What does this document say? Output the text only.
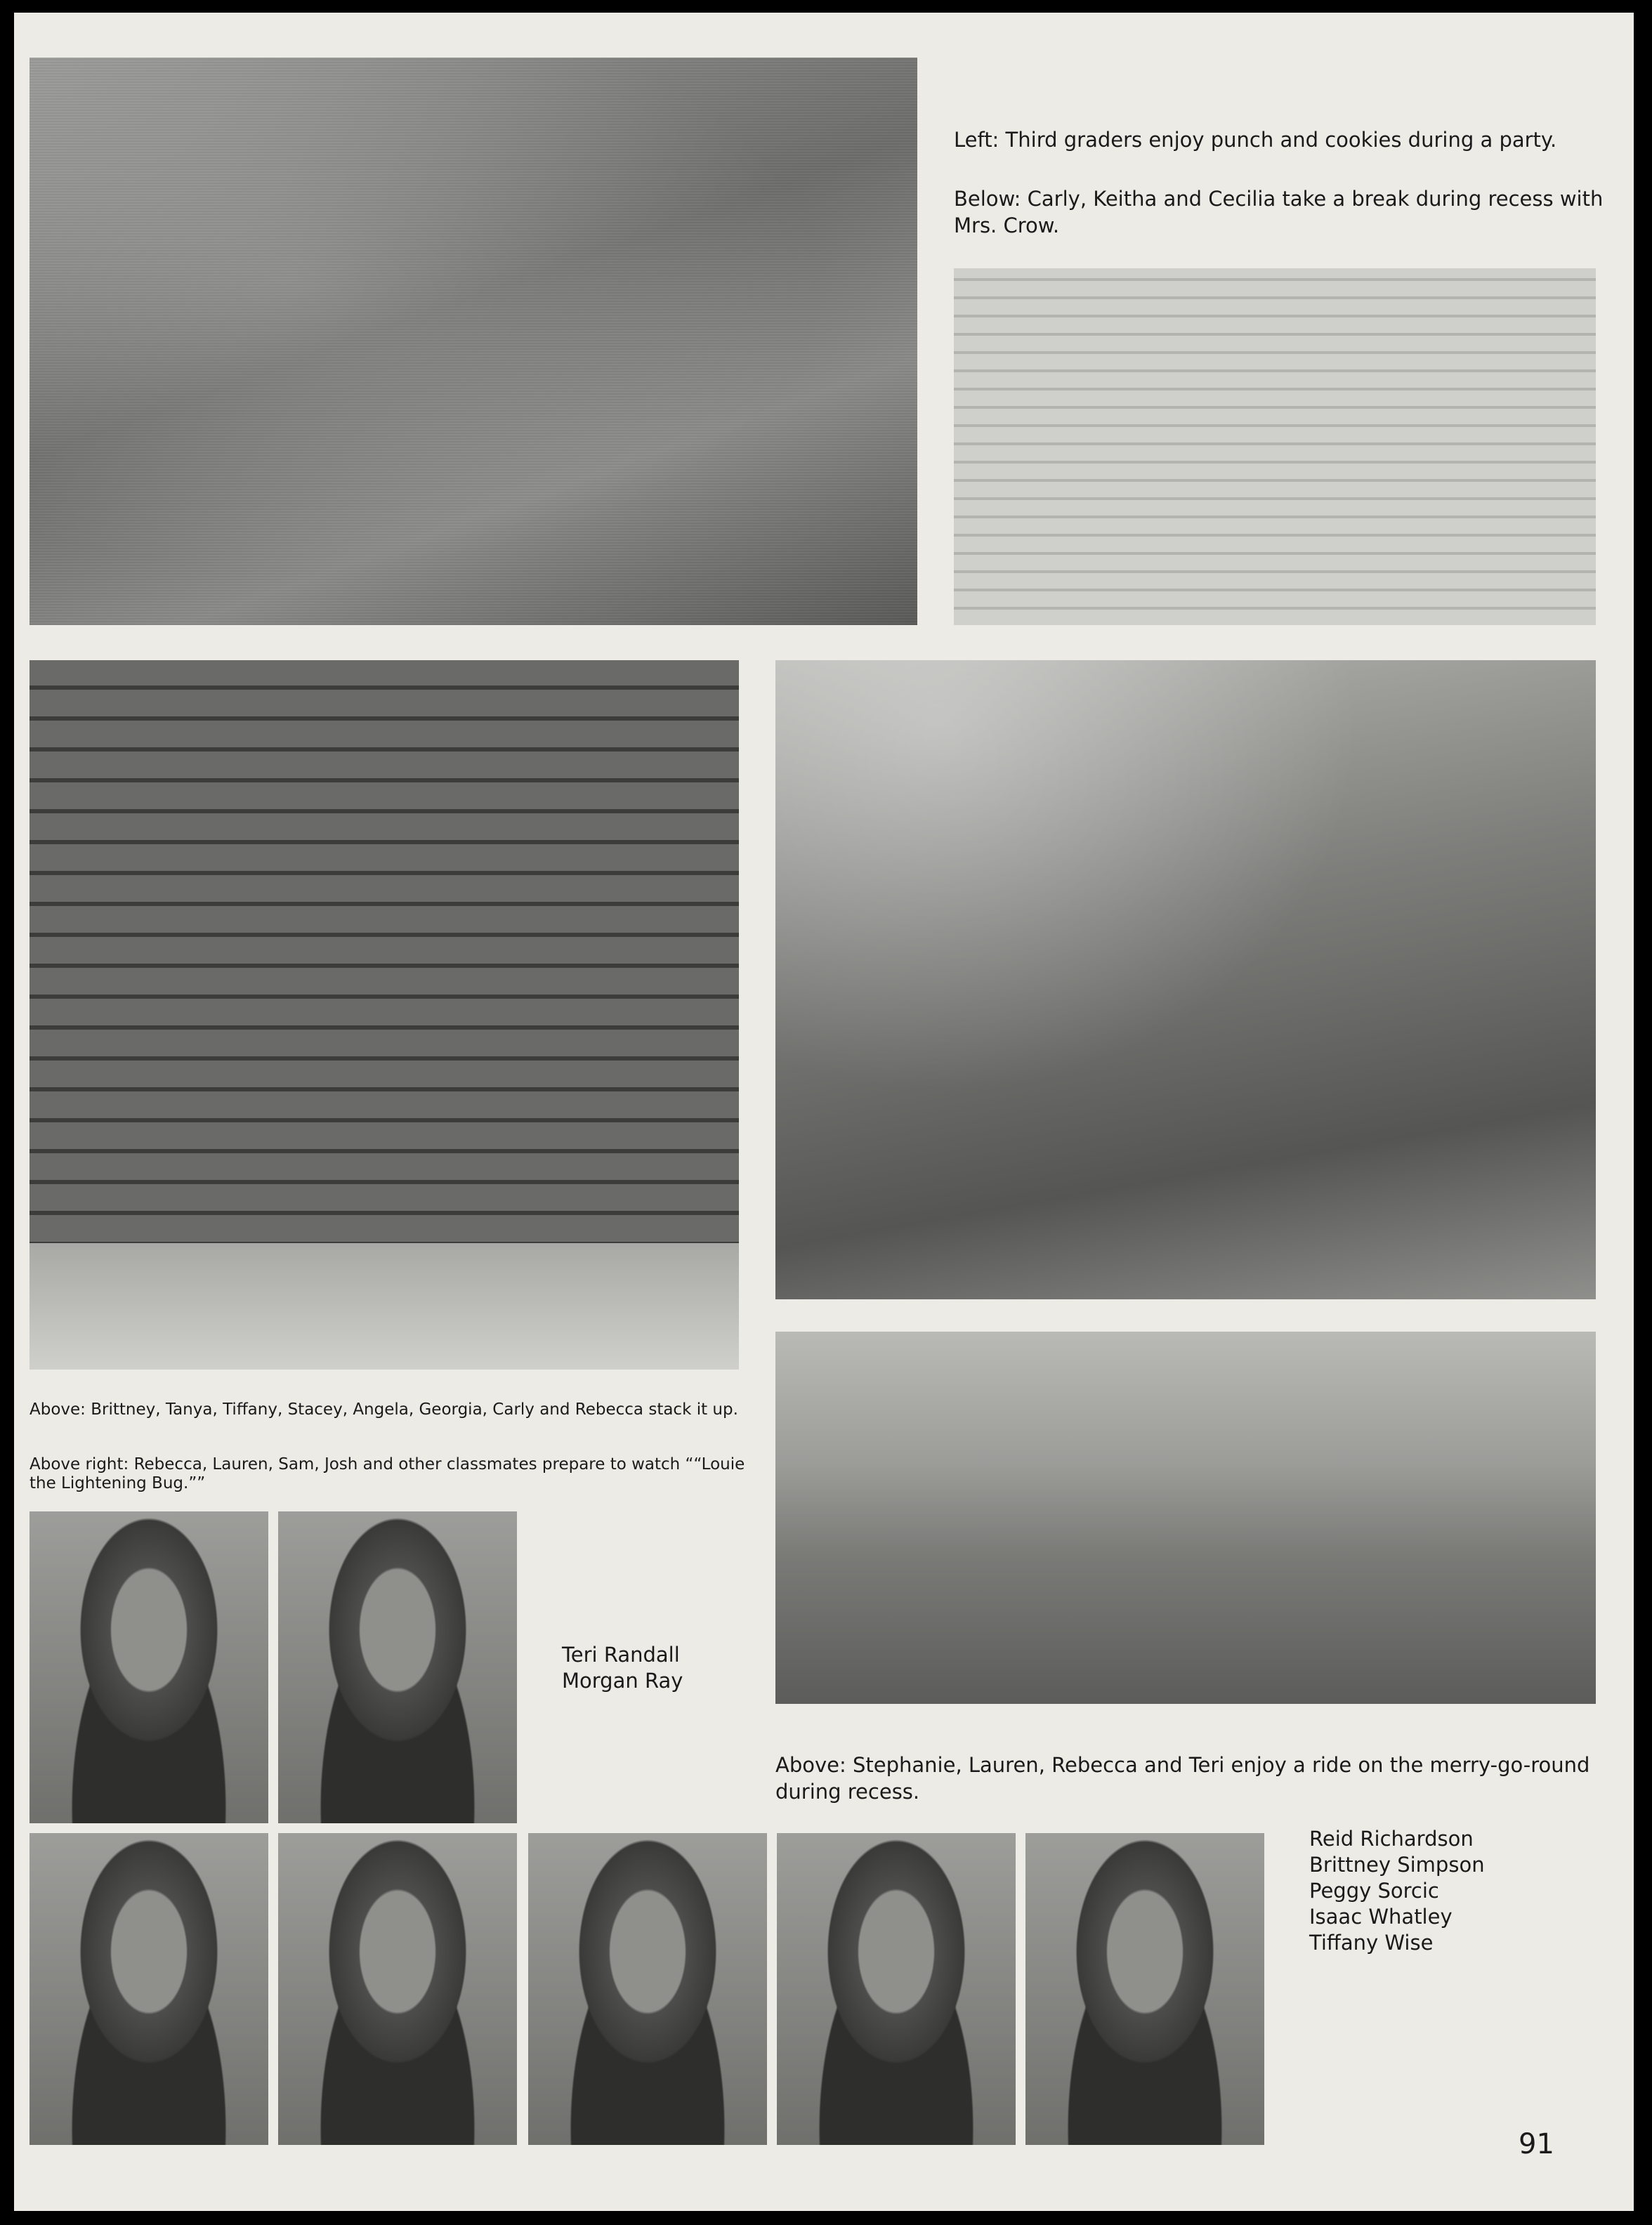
Left: Third graders enjoy punch and cookies during a party.

Below: Carly, Keitha and Cecilia take a break during recess with Mrs. Crow.

Above: Brittney, Tanya, Tiffany, Stacey, Angela, Georgia, Carly and Rebecca stack it up.

Above right: Rebecca, Lauren, Sam, Josh and other classmates prepare to watch ““Louie the Lightening Bug.””

Above: Stephanie, Lauren, Rebecca and Teri enjoy a ride on the merry-go-round during recess.

Teri Randall
Morgan Ray
Reid Richardson
Brittney Simpson
Peggy Sorcic
Isaac Whatley
Tiffany Wise
91
